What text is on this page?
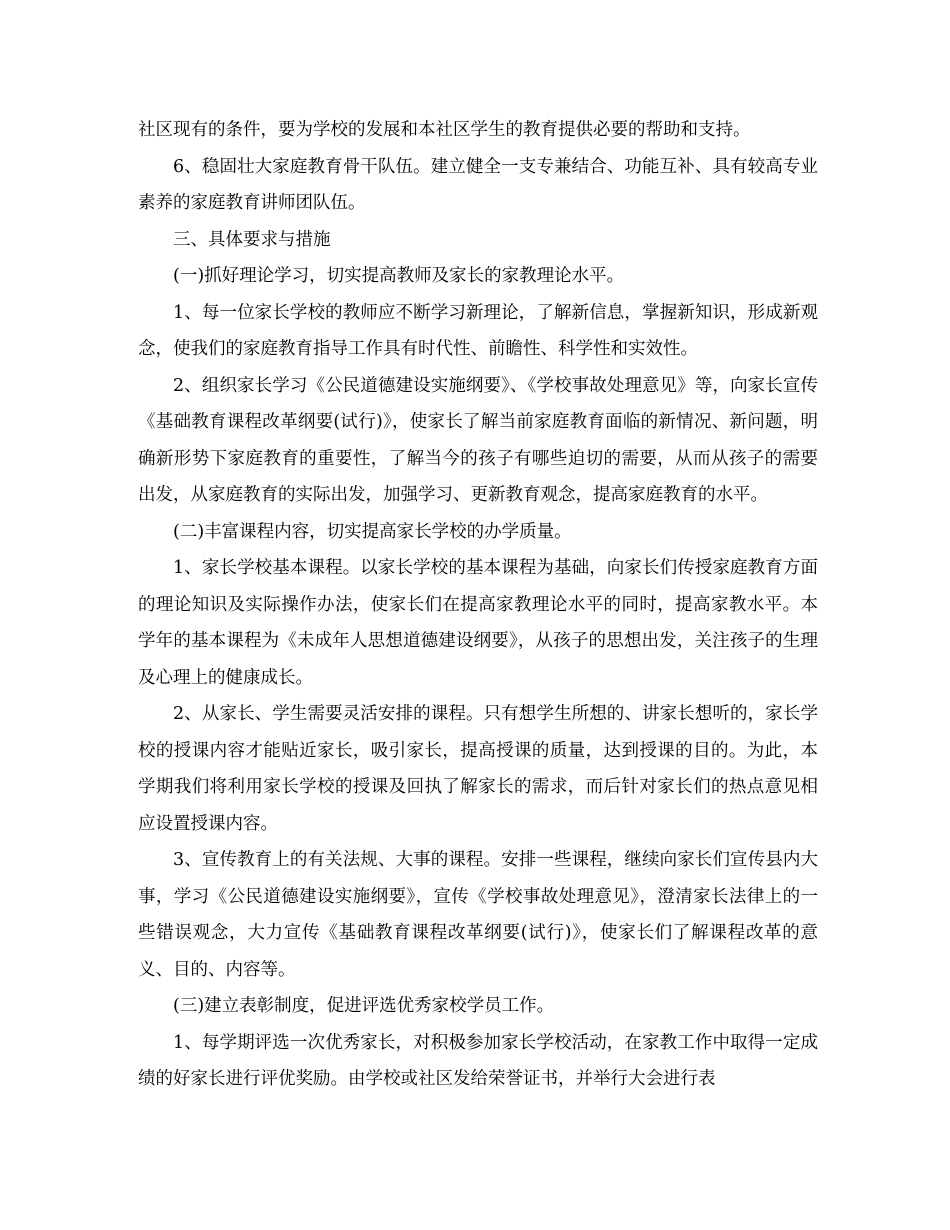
社区现有的条件，要为学校的发展和本社区学生的教育提供必要的帮助和支持。

6、稳固壮大家庭教育骨干队伍。建立健全一支专兼结合、功能互补、具有较高专业素养的家庭教育讲师团队伍。

三、具体要求与措施

(一)抓好理论学习，切实提高教师及家长的家教理论水平。

1、每一位家长学校的教师应不断学习新理论，了解新信息，掌握新知识，形成新观念，使我们的家庭教育指导工作具有时代性、前瞻性、科学性和实效性。

2、组织家长学习《公民道德建设实施纲要》、《学校事故处理意见》等，向家长宣传《基础教育课程改革纲要(试行)》，使家长了解当前家庭教育面临的新情况、新问题，明确新形势下家庭教育的重要性，了解当今的孩子有哪些迫切的需要，从而从孩子的需要出发，从家庭教育的实际出发，加强学习、更新教育观念，提高家庭教育的水平。

(二)丰富课程内容，切实提高家长学校的办学质量。

1、家长学校基本课程。以家长学校的基本课程为基础，向家长们传授家庭教育方面的理论知识及实际操作办法，使家长们在提高家教理论水平的同时，提高家教水平。本学年的基本课程为《未成年人思想道德建设纲要》，从孩子的思想出发，关注孩子的生理及心理上的健康成长。

2、从家长、学生需要灵活安排的课程。只有想学生所想的、讲家长想听的，家长学校的授课内容才能贴近家长，吸引家长，提高授课的质量，达到授课的目的。为此，本学期我们将利用家长学校的授课及回执了解家长的需求，而后针对家长们的热点意见相应设置授课内容。

3、宣传教育上的有关法规、大事的课程。安排一些课程，继续向家长们宣传县内大事，学习《公民道德建设实施纲要》，宣传《学校事故处理意见》，澄清家长法律上的一些错误观念，大力宣传《基础教育课程改革纲要(试行)》，使家长们了解课程改革的意义、目的、内容等。

(三)建立表彰制度，促进评选优秀家校学员工作。

1、每学期评选一次优秀家长，对积极参加家长学校活动，在家教工作中取得一定成绩的好家长进行评优奖励。由学校或社区发给荣誉证书，并举行大会进行表
